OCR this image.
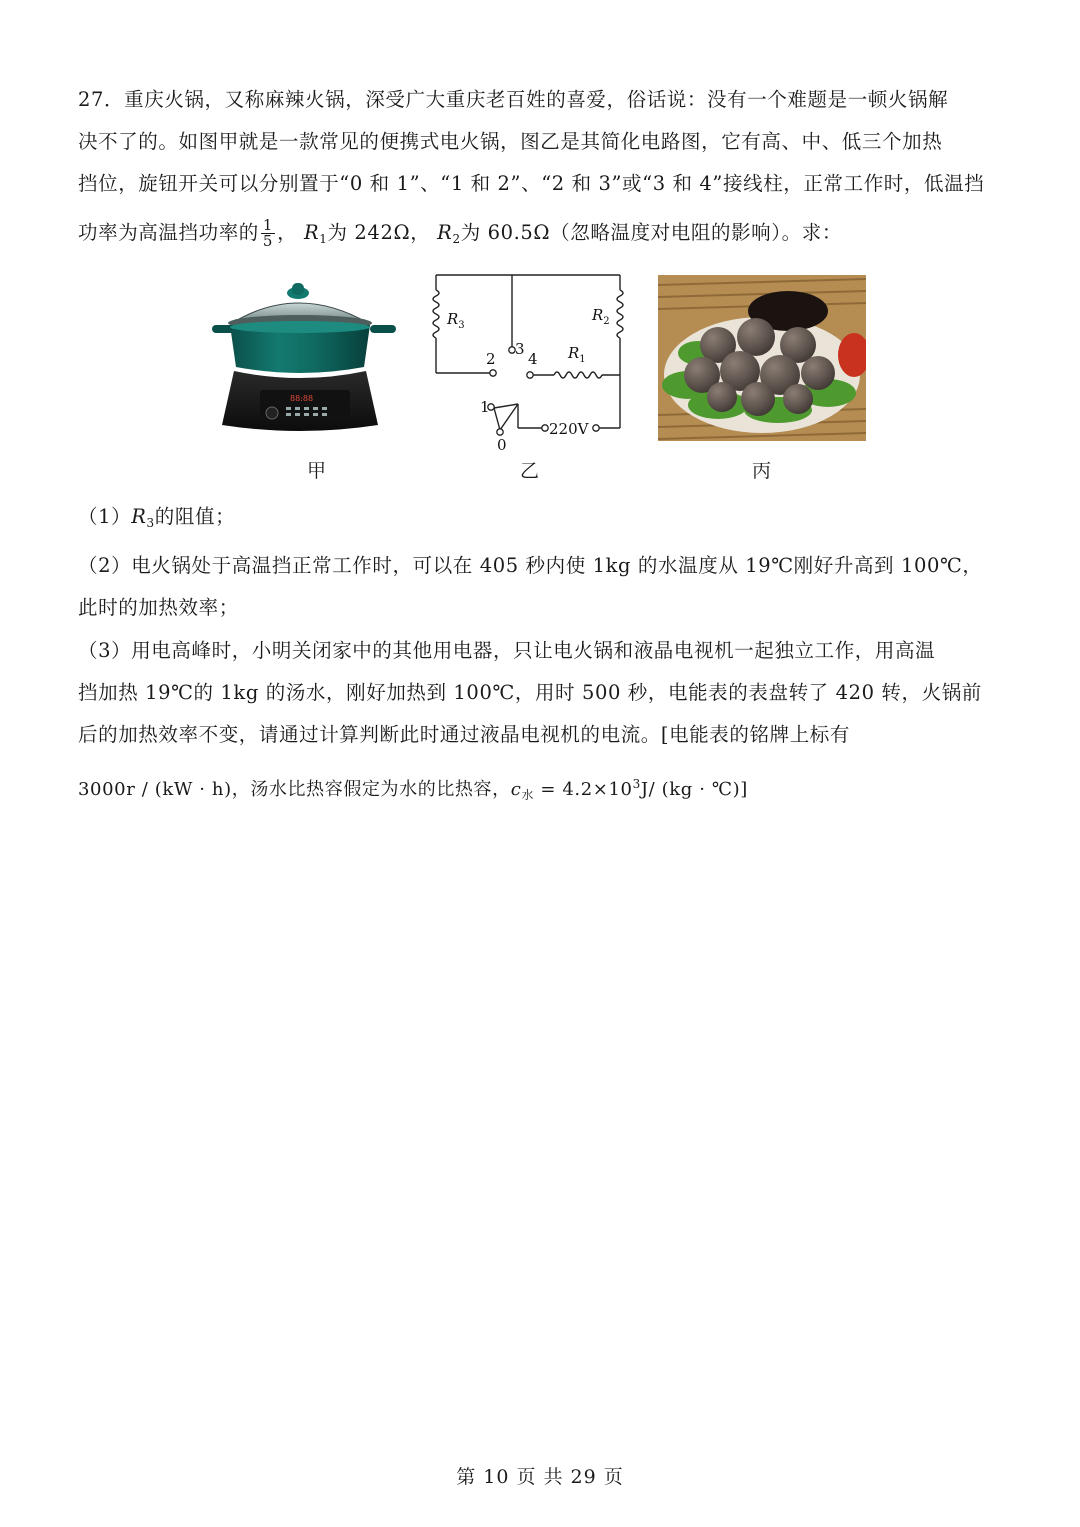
27．重庆火锅，又称麻辣火锅，深受广大重庆老百姓的喜爱，俗话说：没有一个难题是一顿火锅解
决不了的。如图甲就是一款常见的便携式电火锅，图乙是其简化电路图，它有高、中、低三个加热
挡位，旋钮开关可以分别置于“0 和 1”、“1 和 2”、“2 和 3”或“3 和 4”接线柱，正常工作时，低温挡
功率为高温挡功率的 $\frac{1}{5}$ ， $R_1$为 242Ω， $R_2$为 60.5Ω（忽略温度对电阻的影响）。求：
88:88
$R_3$
$R_2$
$R_1$
2
3
4
1
0
220V
甲	乙	丙
$(1)R_3$的阻值；
（2）电火锅处于高温挡正常工作时，可以在 405 秒内使 1kg 的水温度从 19℃刚好升高到 100℃，
此时的加热效率；
（3）用电高峰时，小明关闭家中的其他用电器，只让电火锅和液晶电视机一起独立工作，用高温
挡加热 19℃的 1kg 的汤水，刚好加热到 100℃，用时 500 秒，电能表的表盘转了 420 转，火锅前
后的加热效率不变，请通过计算判断此时通过液晶电视机的电流。[电能表的铭牌上标有
3000r / (kW · h)，汤水比热容假定为水的比热容，$c_水 = 4.2\times 10^3J/$ (kg · ℃)]
第 10 页 共 29 页
